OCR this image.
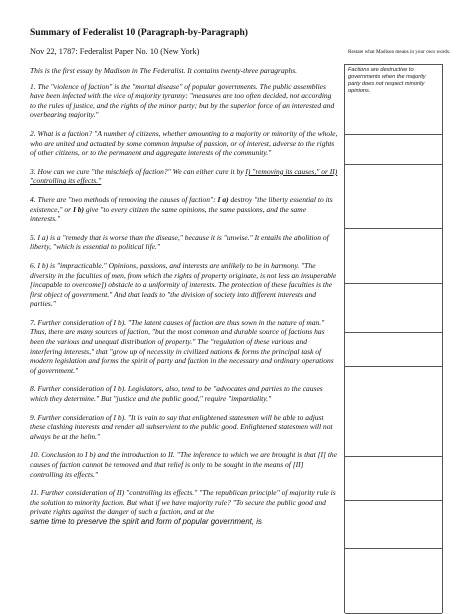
Summary of Federalist 10 (Paragraph-by-Paragraph)
Nov 22, 1787: Federalist Paper No. 10 (New York)	Restate what Madison means in your own words.

This is the first essay by Madison in The Federalist. It contains twenty-three paragraphs.

1. The "violence of faction" is the "mortal disease" of popular governments. The public assemblies have been infected with the vice of majority tyranny: "measures are too often decided, not according to the rules of justice, and the rights of the minor party; but by the superior force of an interested and overbearing majority."

2. What is a faction? "A number of citizens, whether amounting to a majority or minority of the whole, who are united and actuated by some common impulse of passion, or of interest, adverse to the rights of other citizens, or to the permanent and aggregate interests of the community."

3. How can we cure "the mischiefs of faction?" We can either cure it by I) "removing its causes," or II) "controlling its effects."

4. There are "two methods of removing the causes of faction": I a) destroy "the liberty essential to its existence," or I b) give "to every citizen the same opinions, the same passions, and the same interests."

5. I a) is a "remedy that is worse than the disease," because it is "unwise." It entails the abolition of liberty, "which is essential to political life."

6. I b) is "impracticable." Opinions, passions, and interests are unlikely to be in harmony. "The diversity in the faculties of men, from which the rights of property originate, is not less an insuperable [incapable to overcome]) obstacle to a uniformity of interests. The protection of these faculties is the first object of government." And that leads to "the division of society into different interests and parties."

7. Further consideration of I b). "The latent causes of faction are thus sown in the nature of man." Thus, there are many sources of faction, "but the most common and durable source of factions has been the various and unequal distribution of property." The "regulation of these various and interfering interests," that "grow up of necessity in civilized nations & forms the principal task of modern legislation and forms the spirit of party and faction in the necessary and ordinary operations of government."

8. Further consideration of I b). Legislators, also, tend to be "advocates and parties to the causes which they determine." But "justice and the public good," require "impartiality."

9. Further consideration of I b). "It is vain to say that enlightened statesmen will be able to adjust these clashing interests and render all subservient to the public good. Enlightened statesmen will not always be at the helm."

10. Conclusion to I b) and the introduction to II. "The inference to which we are brought is that [I] the causes of faction cannot be removed and that relief is only to be sought in the means of [II] controlling its effects."

11. Further consideration of II) "controlling its effects." "The republican principle" of majority rule is the solution to minority faction. But what if we have majority rule? "To secure the public good and private rights against the danger of such a faction, and at the

same time to preserve the spirit and form of popular government, is

Factions are destructive to governments when the majority party does not respect minority opinions.
